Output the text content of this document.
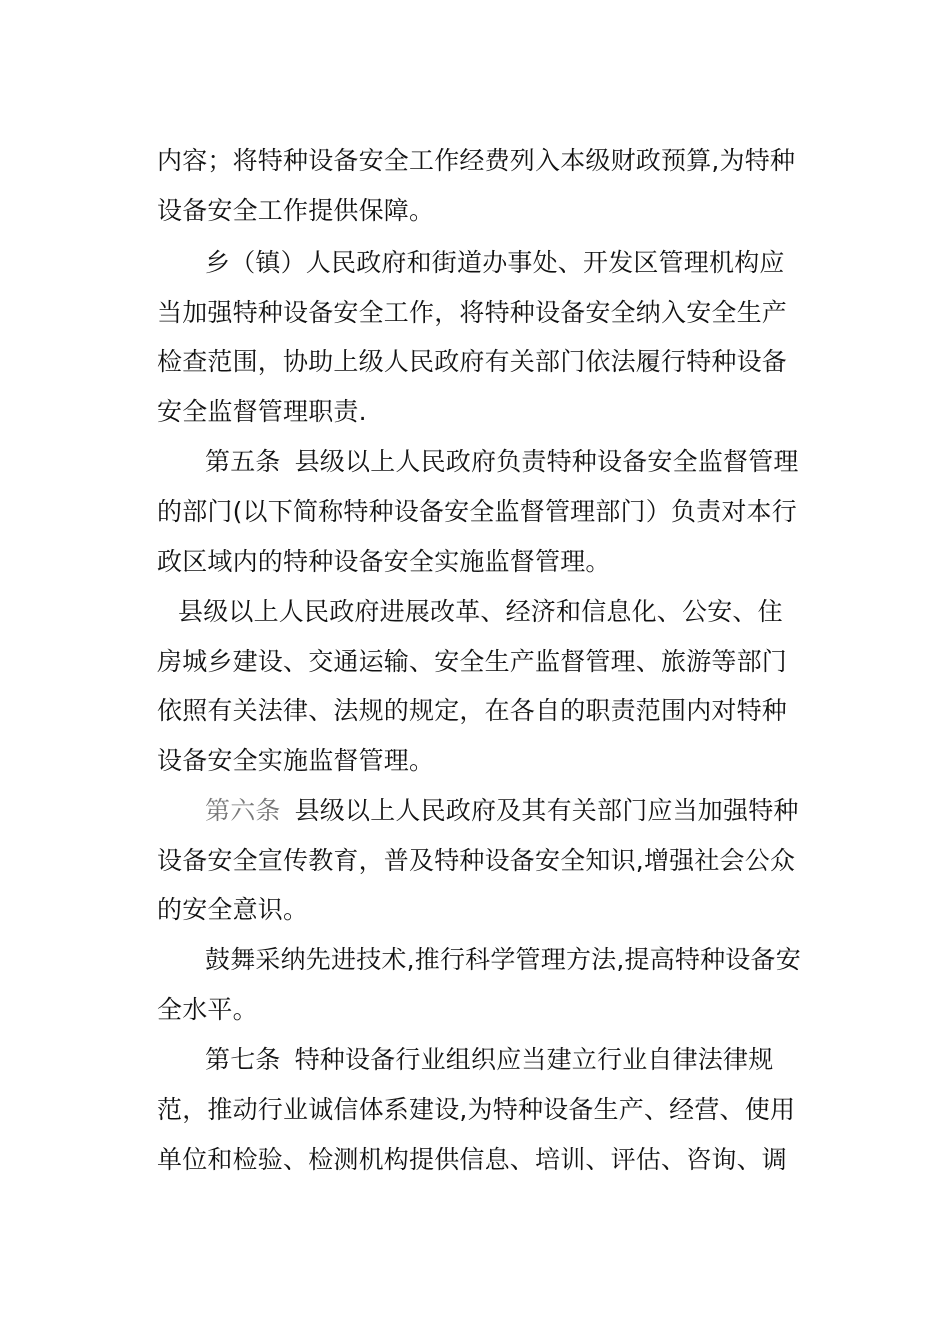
内容；将特种设备安全工作经费列入本级财政预算,为特种
设备安全工作提供保障。
乡（镇）人民政府和街道办事处、开发区管理机构应
当加强特种设备安全工作，将特种设备安全纳入安全生产
检查范围，协助上级人民政府有关部门依法履行特种设备
安全监督管理职责.
第五条 县级以上人民政府负责特种设备安全监督管理
的部门(以下简称特种设备安全监督管理部门）负责对本行
政区域内的特种设备安全实施监督管理。
县级以上人民政府进展改革、经济和信息化、公安、住
房城乡建设、交通运输、安全生产监督管理、旅游等部门
依照有关法律、法规的规定，在各自的职责范围内对特种
设备安全实施监督管理。
第六条 县级以上人民政府及其有关部门应当加强特种
设备安全宣传教育，普及特种设备安全知识,增强社会公众
的安全意识。
鼓舞采纳先进技术,推行科学管理方法,提高特种设备安
全水平。
第七条 特种设备行业组织应当建立行业自律法律规
范，推动行业诚信体系建设,为特种设备生产、经营、使用
单位和检验、检测机构提供信息、培训、评估、咨询、调
